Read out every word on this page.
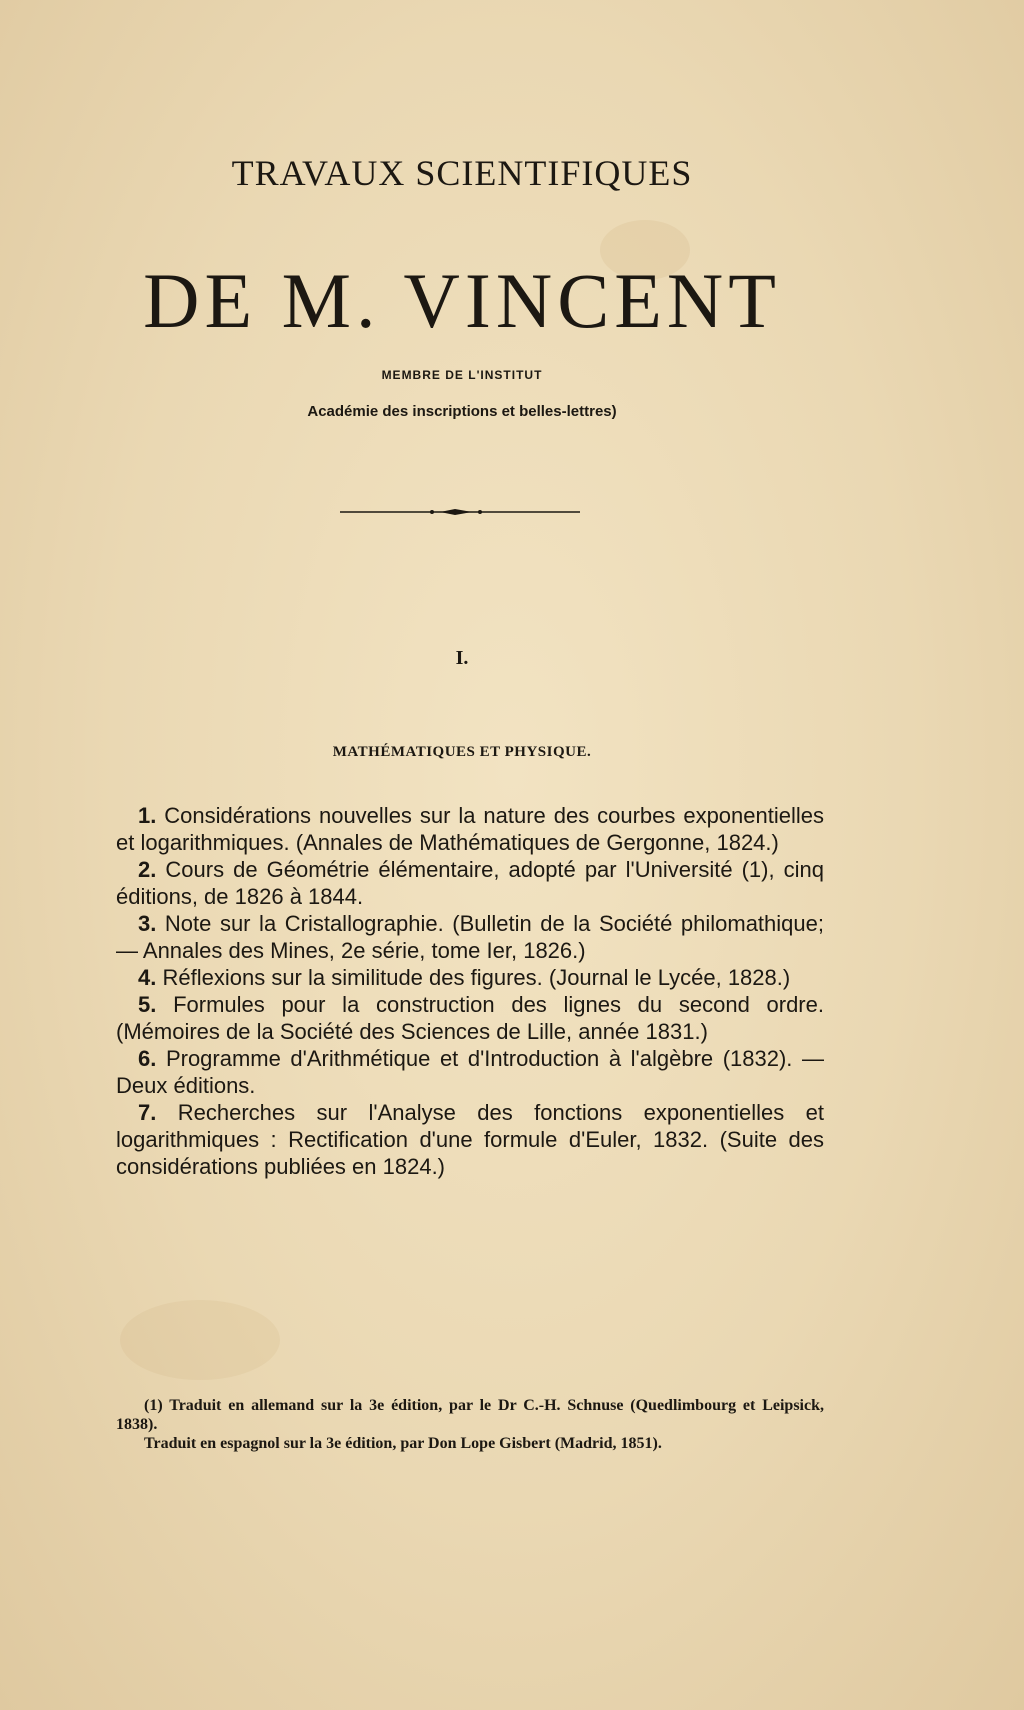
TRAVAUX SCIENTIFIQUES
DE M. VINCENT
MEMBRE DE L'INSTITUT
Académie des inscriptions et belles-lettres)
I.
MATHÉMATIQUES ET PHYSIQUE.

1. Considérations nouvelles sur la nature des courbes exponentielles et logarithmiques. (Annales de Mathématiques de Gergonne, 1824.)

2. Cours de Géométrie élémentaire, adopté par l'Université (1), cinq éditions, de 1826 à 1844.

3. Note sur la Cristallographie. (Bulletin de la Société philomathique; — Annales des Mines, 2e série, tome Ier, 1826.)

4. Réflexions sur la similitude des figures. (Journal le Lycée, 1828.)

5. Formules pour la construction des lignes du second ordre. (Mémoires de la Société des Sciences de Lille, année 1831.)

6. Programme d'Arithmétique et d'Introduction à l'algèbre (1832). — Deux éditions.

7. Recherches sur l'Analyse des fonctions exponentielles et logarithmiques : Rectification d'une formule d'Euler, 1832. (Suite des considérations publiées en 1824.)

(1) Traduit en allemand sur la 3e édition, par le Dr C.-H. Schnuse (Quedlimbourg et Leipsick, 1838).

Traduit en espagnol sur la 3e édition, par Don Lope Gisbert (Madrid, 1851).
